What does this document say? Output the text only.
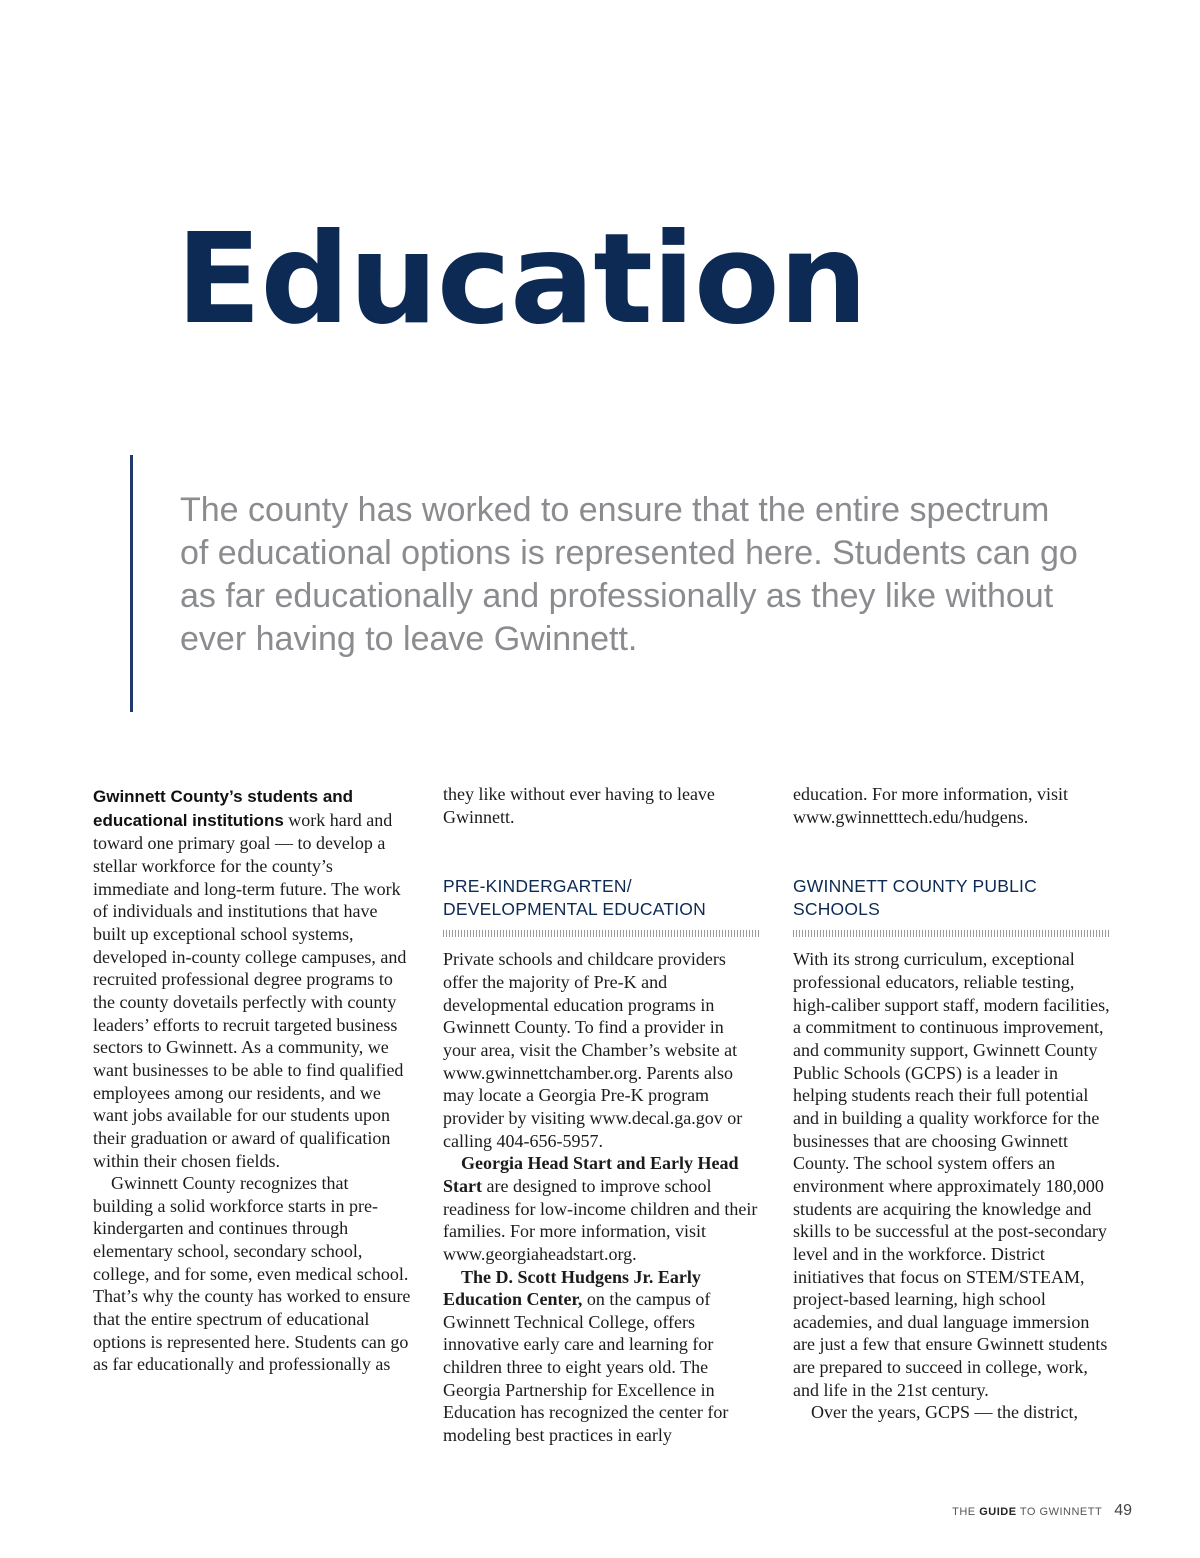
Education

The county has worked to ensure that the entire spectrum of educational options is represented here. Students can go as far educationally and professionally as they like without ever having to leave Gwinnett.

Gwinnett County’s students and educational institutions work hard and toward one primary goal — to develop a stellar workforce for the county’s immediate and long-term future. The work of individuals and institutions that have built up exceptional school systems, developed in-county college campuses, and recruited professional degree programs to the county dovetails perfectly with county leaders’ efforts to recruit targeted business sectors to Gwinnett. As a community, we want businesses to be able to find qualified employees among our residents, and we want jobs available for our students upon their graduation or award of qualification within their chosen fields.

Gwinnett County recognizes that building a solid workforce starts in pre-kindergarten and continues through elementary school, secondary school, college, and for some, even medical school. That’s why the county has worked to ensure that the entire spectrum of educational options is represented here. Students can go as far educationally and professionally as

they like without ever having to leave Gwinnett.

PRE-KINDERGARTEN/ DEVELOPMENTAL EDUCATION

Private schools and childcare providers offer the majority of Pre-K and developmental education programs in Gwinnett County. To find a provider in your area, visit the Chamber’s website at www.gwinnettchamber.org. Parents also may locate a Georgia Pre-K program provider by visiting www.decal.ga.gov or calling 404-656-5957.

Georgia Head Start and Early Head Start are designed to improve school readiness for low-income children and their families. For more information, visit www.georgiaheadstart.org.

The D. Scott Hudgens Jr. Early Education Center, on the campus of Gwinnett Technical College, offers innovative early care and learning for children three to eight years old. The Georgia Partnership for Excellence in Education has recognized the center for modeling best practices in early

education. For more information, visit www.gwinnetttech.edu/hudgens.

GWINNETT COUNTY PUBLIC SCHOOLS

With its strong curriculum, exceptional professional educators, reliable testing, high-caliber support staff, modern facilities, a commitment to continuous improvement, and community support, Gwinnett County Public Schools (GCPS) is a leader in helping students reach their full potential and in building a quality workforce for the businesses that are choosing Gwinnett County. The school system offers an environment where approximately 180,000 students are acquiring the knowledge and skills to be successful at the post-secondary level and in the workforce. District initiatives that focus on STEM/STEAM, project-based learning, high school academies, and dual language immersion are just a few that ensure Gwinnett students are prepared to succeed in college, work, and life in the 21st century.

Over the years, GCPS — the district,

THE GUIDE TO GWINNETT 49
